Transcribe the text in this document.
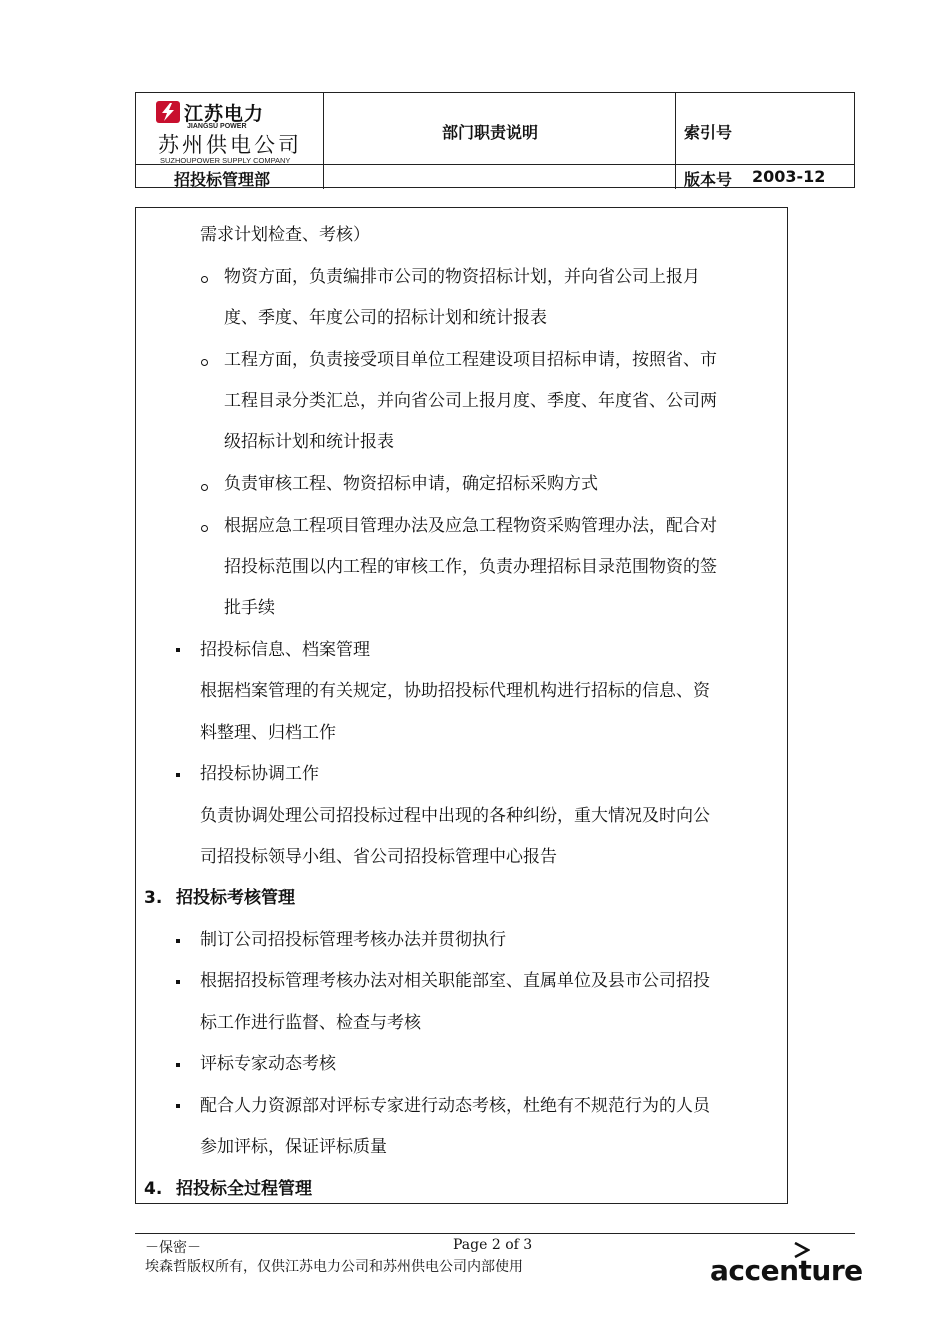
江苏电力
JIANGSU POWER
苏州供电公司
SUZHOUPOWER SUPPLY COMPANY
部门职责说明	索引号
招投标管理部	版本号 2003-12
需求计划检查、考核）
物资方面，负责编排市公司的物资招标计划，并向省公司上报月
度、季度、年度公司的招标计划和统计报表
工程方面，负责接受项目单位工程建设项目招标申请，按照省、市
工程目录分类汇总，并向省公司上报月度、季度、年度省、公司两
级招标计划和统计报表
负责审核工程、物资招标申请，确定招标采购方式
根据应急工程项目管理办法及应急工程物资采购管理办法，配合对
招投标范围以内工程的审核工作，负责办理招标目录范围物资的签
批手续
招投标信息、档案管理
根据档案管理的有关规定，协助招投标代理机构进行招标的信息、资
料整理、归档工作
招投标协调工作
负责协调处理公司招投标过程中出现的各种纠纷，重大情况及时向公
司招投标领导小组、省公司招投标管理中心报告
3. 招投标考核管理
制订公司招投标管理考核办法并贯彻执行
根据招投标管理考核办法对相关职能部室、直属单位及县市公司招投
标工作进行监督、检查与考核
评标专家动态考核
配合人力资源部对评标专家进行动态考核，杜绝有不规范行为的人员
参加评标，保证评标质量
4. 招投标全过程管理
－保密－	Page 2 of 3
埃森哲版权所有，仅供江苏电力公司和苏州供电公司内部使用	accenture
